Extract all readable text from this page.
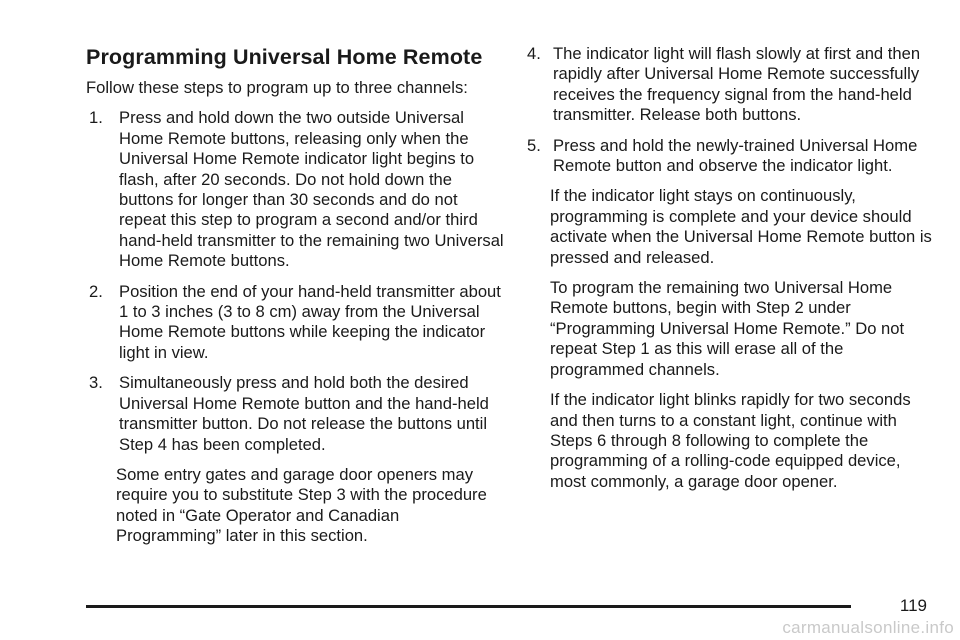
Programming Universal Home Remote

Follow these steps to program up to three channels:

1. Press and hold down the two outside Universal Home Remote buttons, releasing only when the Universal Home Remote indicator light begins to flash, after 20 seconds. Do not hold down the buttons for longer than 30 seconds and do not repeat this step to program a second and/or third hand-held transmitter to the remaining two Universal Home Remote buttons.
2. Position the end of your hand-held transmitter about 1 to 3 inches (3 to 8 cm) away from the Universal Home Remote buttons while keeping the indicator light in view.
3. Simultaneously press and hold both the desired Universal Home Remote button and the hand-held transmitter button. Do not release the buttons until Step 4 has been completed.

Some entry gates and garage door openers may require you to substitute Step 3 with the procedure noted in “Gate Operator and Canadian Programming” later in this section.

4. The indicator light will flash slowly at first and then rapidly after Universal Home Remote successfully receives the frequency signal from the hand-held transmitter. Release both buttons.
5. Press and hold the newly-trained Universal Home Remote button and observe the indicator light.

If the indicator light stays on continuously, programming is complete and your device should activate when the Universal Home Remote button is pressed and released.

To program the remaining two Universal Home Remote buttons, begin with Step 2 under “Programming Universal Home Remote.” Do not repeat Step 1 as this will erase all of the programmed channels.

If the indicator light blinks rapidly for two seconds and then turns to a constant light, continue with Steps 6 through 8 following to complete the programming of a rolling-code equipped device, most commonly, a garage door opener.

119
carmanualsonline.info
